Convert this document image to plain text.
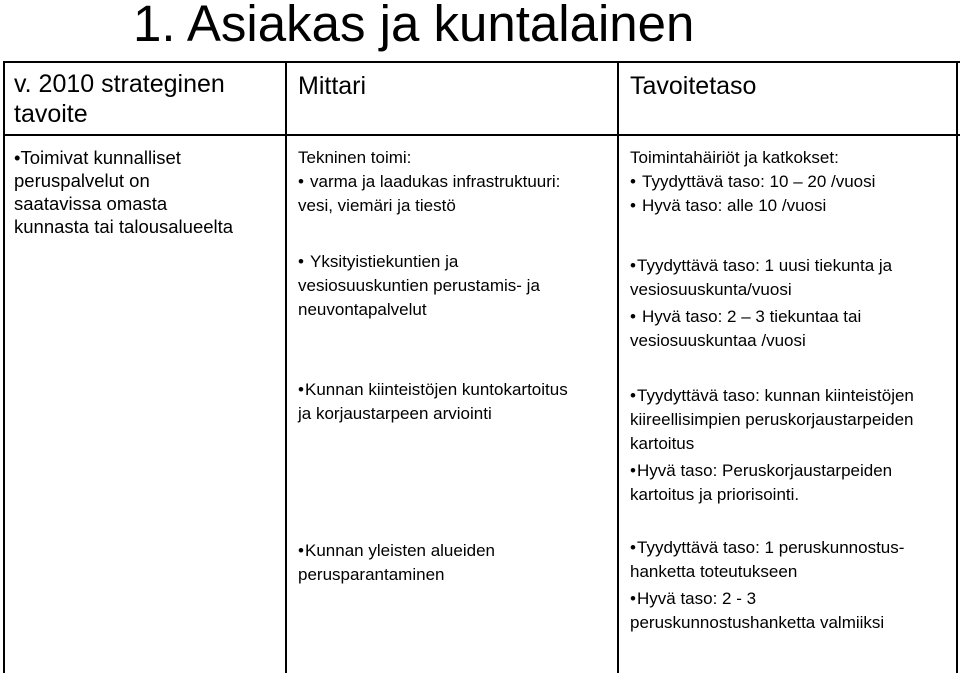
1. Asiakas ja kuntalainen
v. 2010 strateginen
tavoite
Mittari	Tavoitetaso
•Toimivat kunnalliset
peruspalvelut on
saatavissa omasta
kunnasta tai talousalueelta
Tekninen toimi:
• varma ja laadukas infrastruktuuri:
vesi, viemäri ja tiestö
• Yksityistiekuntien ja
vesiosuuskuntien perustamis- ja
neuvontapalvelut
• Kunnan kiinteistöjen kuntokartoitus
ja korjaustarpeen arviointi
• Kunnan yleisten alueiden
perusparantaminen
Toimintahäiriöt ja katkokset:
• Tyydyttävä taso: 10 – 20 /vuosi
• Hyvä taso: alle 10 /vuosi
• Tyydyttävä taso: 1 uusi tiekunta ja
vesiosuuskunta/vuosi
• Hyvä taso: 2 – 3 tiekuntaa tai
vesiosuuskuntaa /vuosi
• Tyydyttävä taso: kunnan kiinteistöjen
kiireellisimpien peruskorjaustarpeiden
kartoitus
• Hyvä taso: Peruskorjaustarpeiden
kartoitus ja priorisointi.
• Tyydyttävä taso: 1 peruskunnostus-
hanketta toteutukseen
• Hyvä taso: 2 - 3
peruskunnostushanketta valmiiksi
